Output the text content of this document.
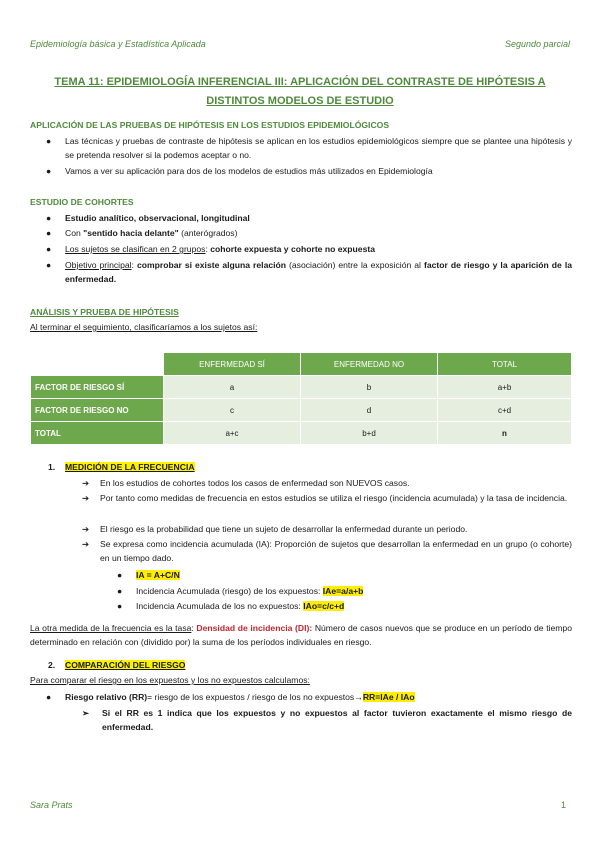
Epidemiología básica y Estadística Aplicada	Segundo parcial
TEMA 11: EPIDEMIOLOGÍA INFERENCIAL III: APLICACIÓN DEL CONTRASTE DE HIPÓTESIS A
DISTINTOS MODELOS DE ESTUDIO
APLICACIÓN DE LAS PRUEBAS DE HIPÓTESIS EN LOS ESTUDIOS EPIDEMIOLÓGICOS
● Las técnicas y pruebas de contraste de hipótesis se aplican en los estudios epidemiológicos siempre que se plantee una hipótesis y se pretenda resolver si la podemos aceptar o no.
● Vamos a ver su aplicación para dos de los modelos de estudios más utilizados en Epidemiología
ESTUDIO DE COHORTES
● Estudio analítico, observacional, longitudinal
● Con "sentido hacia delante" (anterógrados)
● Los sujetos se clasifican en 2 grupos: cohorte expuesta y cohorte no expuesta
● Objetivo principal: comprobar si existe alguna relación (asociación) entre la exposición al factor de riesgo y la aparición de la enfermedad.
ANÁLISIS Y PRUEBA DE HIPÓTESIS
Al terminar el seguimiento, clasificaríamos a los sujetos así:
	ENFERMEDAD SÍ	ENFERMEDAD NO	TOTAL
FACTOR DE RIESGO SÍ	a	b	a+b
FACTOR DE RIESGO NO	c	d	c+d
TOTAL	a+c	b+d	n
1. MEDICIÓN DE LA FRECUENCIA
➔ En los estudios de cohortes todos los casos de enfermedad son NUEVOS casos.
➔ Por tanto como medidas de frecuencia en estos estudios se utiliza el riesgo (incidencia acumulada) y la tasa de incidencia.
➔ El riesgo es la probabilidad que tiene un sujeto de desarrollar la enfermedad durante un periodo.
➔ Se expresa como incidencia acumulada (IA): Proporción de sujetos que desarrollan la enfermedad en un grupo (o cohorte) en un tiempo dado.
● IA = A+C/N
● Incidencia Acumulada (riesgo) de los expuestos: IAe=a/a+b
● Incidencia Acumulada de los no expuestos: IAo=c/c+d
La otra medida de la frecuencia es la tasa: Densidad de incidencia (DI): Número de casos nuevos que se produce en un período de tiempo determinado en relación con (dividido por) la suma de los períodos individuales en riesgo.
2. COMPARACIÓN DEL RIESGO
Para comparar el riesgo en los expuestos y los no expuestos calculamos:
● Riesgo relativo (RR)= riesgo de los expuestos / riesgo de los no expuestos→RR=IAe / IAo
➢ Si el RR es 1 indica que los expuestos y no expuestos al factor tuvieron exactamente el mismo riesgo de enfermedad.
Sara Prats	1
